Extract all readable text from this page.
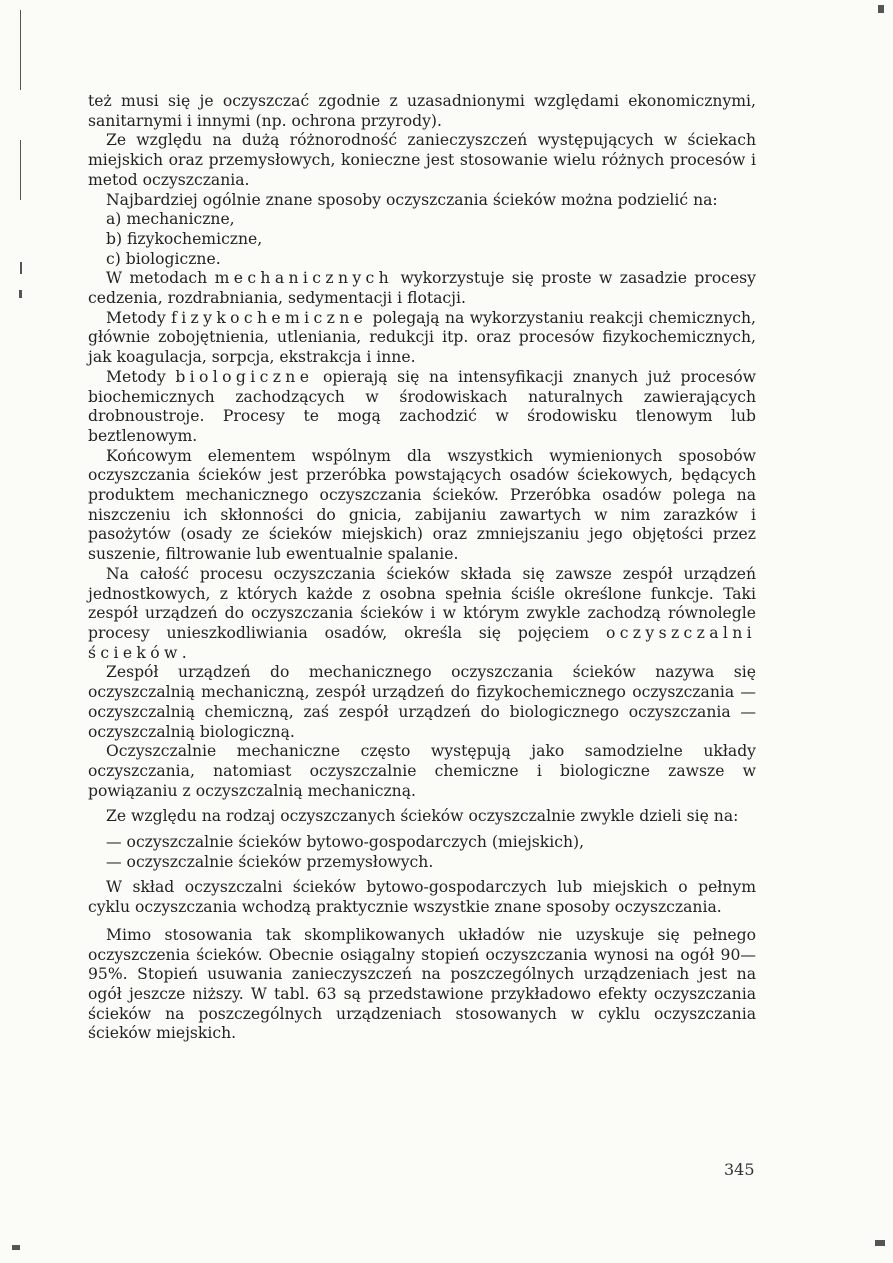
też musi się je oczyszczać zgodnie z uzasadnionymi względami ekonomicznymi, sanitarnymi i innymi (np. ochrona przyrody).

Ze względu na dużą różnorodność zanieczyszczeń występujących w ściekach miejskich oraz przemysłowych, konieczne jest stosowanie wielu różnych procesów i metod oczyszczania.

Najbardziej ogólnie znane sposoby oczyszczania ścieków można podzielić na:

a) mechaniczne,

b) fizykochemiczne,

c) biologiczne.

W metodach mechanicznych wykorzystuje się proste w zasadzie procesy cedzenia, rozdrabniania, sedymentacji i flotacji.

Metody fizykochemiczne polegają na wykorzystaniu reakcji chemicznych, głównie zobojętnienia, utleniania, redukcji itp. oraz procesów fizykochemicznych, jak koagulacja, sorpcja, ekstrakcja i inne.

Metody biologiczne opierają się na intensyfikacji znanych już procesów biochemicznych zachodzących w środowiskach naturalnych zawierających drobnoustroje. Procesy te mogą zachodzić w środowisku tlenowym lub beztlenowym.

Końcowym elementem wspólnym dla wszystkich wymienionych sposobów oczyszczania ścieków jest przeróbka powstających osadów ściekowych, będących produktem mechanicznego oczyszczania ścieków. Przeróbka osadów polega na niszczeniu ich skłonności do gnicia, zabijaniu zawartych w nim zarazków i pasożytów (osady ze ścieków miejskich) oraz zmniejszaniu jego objętości przez suszenie, filtrowanie lub ewentualnie spalanie.

Na całość procesu oczyszczania ścieków składa się zawsze zespół urządzeń jednostkowych, z których każde z osobna spełnia ściśle określone funkcje. Taki zespół urządzeń do oczyszczania ścieków i w którym zwykle zachodzą równolegle procesy unieszkodliwiania osadów, określa się pojęciem oczyszczalni ścieków.

Zespół urządzeń do mechanicznego oczyszczania ścieków nazywa się oczyszczalnią mechaniczną, zespół urządzeń do fizykochemicznego oczyszczania — oczyszczalnią chemiczną, zaś zespół urządzeń do biologicznego oczyszczania — oczyszczalnią biologiczną.

Oczyszczalnie mechaniczne często występują jako samodzielne układy oczyszczania, natomiast oczyszczalnie chemiczne i biologiczne zawsze w powiązaniu z oczyszczalnią mechaniczną.

Ze względu na rodzaj oczyszczanych ścieków oczyszczalnie zwykle dzieli się na:

— oczyszczalnie ścieków bytowo-gospodarczych (miejskich),

— oczyszczalnie ścieków przemysłowych.

W skład oczyszczalni ścieków bytowo-gospodarczych lub miejskich o pełnym cyklu oczyszczania wchodzą praktycznie wszystkie znane sposoby oczyszczania.

Mimo stosowania tak skomplikowanych układów nie uzyskuje się pełnego oczyszczenia ścieków. Obecnie osiągalny stopień oczyszczania wynosi na ogół 90—95%. Stopień usuwania zanieczyszczeń na poszczególnych urządzeniach jest na ogół jeszcze niższy. W tabl. 63 są przedstawione przykładowo efekty oczyszczania ścieków na poszczególnych urządzeniach stosowanych w cyklu oczyszczania ścieków miejskich.

345
